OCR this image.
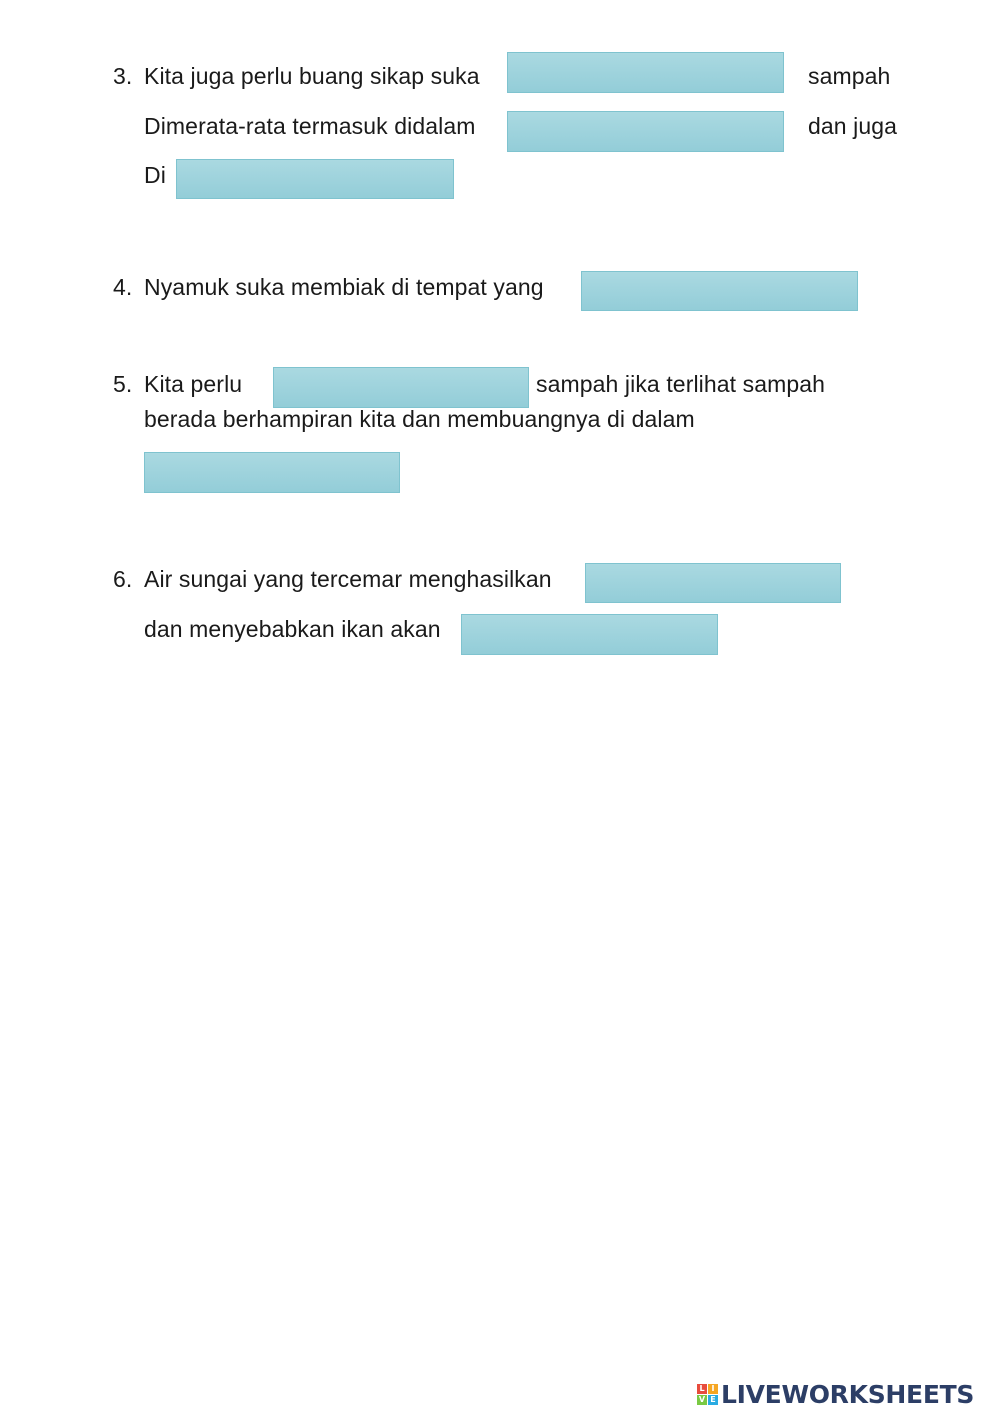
3. Kita juga perlu buang sikap suka	sampah
Dimerata-rata termasuk didalam	dan juga
Di
4. Nyamuk suka membiak di tempat yang
5. Kita perlu	sampah jika terlihat sampah
berada berhampiran kita dan membuangnya di dalam
6. Air sungai yang tercemar menghasilkan
dan menyebabkan ikan akan
L I
V E LIVEWORKSHEETS
